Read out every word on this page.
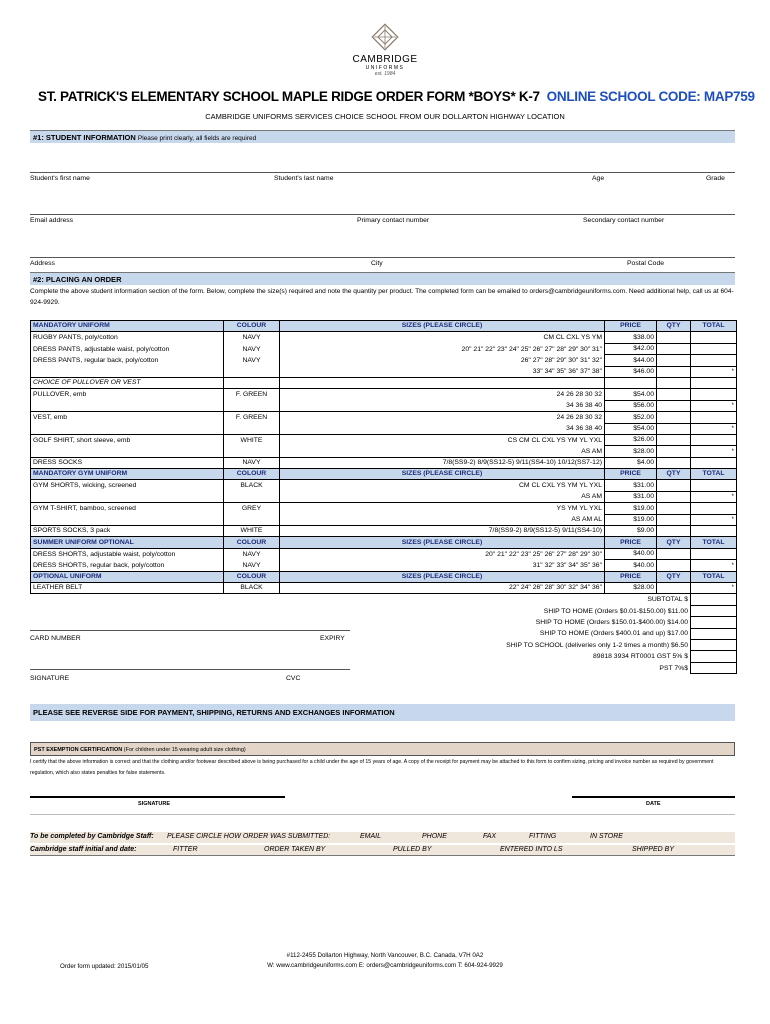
CAMBRIDGE
UNIFORMS
est. 1984
ST. PATRICK'S ELEMENTARY SCHOOL MAPLE RIDGE ORDER FORM *BOYS* K-7 ONLINE SCHOOL CODE: MAP759
CAMBRIDGE UNIFORMS SERVICES CHOICE SCHOOL FROM OUR DOLLARTON HIGHWAY LOCATION
#1: STUDENT INFORMATION Please print clearly, all fields are required
Student's first name	Student's last name	Age	Grade
Email address	Primary contact number	Secondary contact number
Address	City	Postal Code
#2: PLACING AN ORDER
Complete the above student information section of the form. Below, complete the size(s) required and note the quantity per product. The completed form can be emailed to orders@cambridgeuniforms.com. Need additional help, call us at 604-924-9929.
MANDATORY UNIFORM	COLOUR	SIZES (PLEASE CIRCLE)	PRICE	QTY	TOTAL
RUGBY PANTS, poly/cotton	NAVY	CM CL CXL YS YM	$38.00		
DRESS PANTS, adjustable waist, poly/cotton	NAVY	20" 21" 22" 23" 24" 25" 26" 27" 28" 29" 30" 31"	$42.00		
DRESS PANTS, regular back, poly/cotton	NAVY	26" 27" 28" 29" 30" 31" 32"	$44.00		
		33" 34" 35" 36" 37" 38"	$46.00		*
CHOICE OF PULLOVER OR VEST					
PULLOVER, emb	F. GREEN	24 26 28 30 32	$54.00		
		34 36 38 40	$56.00		*
VEST, emb	F. GREEN	24 26 28 30 32	$52.00		
		34 36 38 40	$54.00		*
GOLF SHIRT, short sleeve, emb	WHITE	CS CM CL CXL YS YM YL YXL	$26.00		
		AS AM	$28.00		*
DRESS SOCKS	NAVY	7/8(SS9-2) 8/9(SS12-5) 9/11(SS4-10) 10/12(SS7-12)	$4.00		
MANDATORY GYM UNIFORM	COLOUR	SIZES (PLEASE CIRCLE)	PRICE	QTY	TOTAL
GYM SHORTS, wicking, screened	BLACK	CM CL CXL YS YM YL YXL	$31.00		
		AS AM	$31.00		*
GYM T-SHIRT, bamboo, screened	GREY	YS YM YL YXL	$19.00		
		AS AM AL	$19.00		*
SPORTS SOCKS, 3 pack	WHITE	7/8(SS9-2) 8/9(SS12-5) 9/11(SS4-10)	$9.00		
SUMMER UNIFORM OPTIONAL	COLOUR	SIZES (PLEASE CIRCLE)	PRICE	QTY	TOTAL
DRESS SHORTS, adjustable waist, poly/cotton	NAVY	20" 21" 22" 23" 25" 26" 27" 28" 29" 30"	$40.00		
DRESS SHORTS, regular back, poly/cotton	NAVY	31" 32" 33" 34" 35" 36"	$40.00		*
OPTIONAL UNIFORM	COLOUR	SIZES (PLEASE CIRCLE)	PRICE	QTY	TOTAL
LEATHER BELT	BLACK	22" 24" 26" 28" 30" 32" 34" 36"	$28.00		*
		SUBTOTAL $			
		SHIP TO HOME (Orders $0.01-$150.00) $11.00			
		SHIP TO HOME (Orders $150.01-$400.00) $14.00			
		SHIP TO HOME (Orders $400.01 and up) $17.00			
		SHIP TO SCHOOL (deliveries only 1-2 times a month) $6.50			
		89818 3934 RT0001 GST 5% $			
		PST 7%$			
CARD NUMBER	EXPIRY
SIGNATURE	CVC
PLEASE SEE REVERSE SIDE FOR PAYMENT, SHIPPING, RETURNS AND EXCHANGES INFORMATION
PST EXEMPTION CERTIFICATION (For children under 15 wearing adult size clothing)
I certify that the above information is correct and that the clothing and/or footwear described above is being purchased for a child under the age of 15 years of age. A copy of the receipt for payment may be attached to this form to confirm sizing, pricing and invoice number as required by government regulation, which also states penalties for false statements.
SIGNATURE	DATE
To be completed by Cambridge Staff: PLEASE CIRCLE HOW ORDER WAS SUBMITTED:	EMAIL	PHONE	FAX	FITTING	IN STORE
Cambridge staff initial and date:	FITTER	ORDER TAKEN BY	PULLED BY	ENTERED INTO LS	SHIPPED BY
Order form updated: 2015/01/05
#112-2455 Dollarton Highway, North Vancouver, B.C. Canada, V7H 0A2
W: www.cambridgeuniforms.com E: orders@cambridgeuniforms.com T: 604-924-9929
